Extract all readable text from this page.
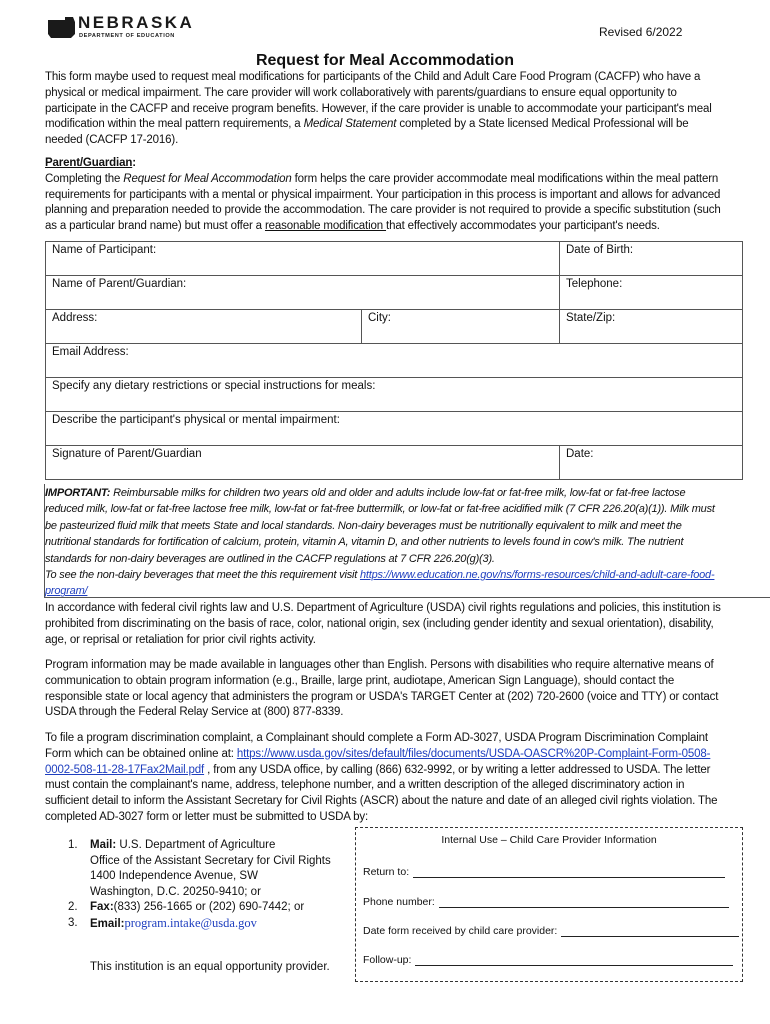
NEBRASKA
DEPARTMENT OF EDUCATION	Revised 6/2022
Request for Meal Accommodation
This form maybe used to request meal modifications for participants of the Child and Adult Care Food Program (CACFP) who have a physical or medical impairment. The care provider will work collaboratively with parents/guardians to ensure equal opportunity to participate in the CACFP and receive program benefits. However, if the care provider is unable to accommodate your participant's meal modification within the meal pattern requirements, a Medical Statement completed by a State licensed Medical Professional will be needed (CACFP 17-2016).
Parent/Guardian:
Completing the Request for Meal Accommodation form helps the care provider accommodate meal modifications within the meal pattern requirements for participants with a mental or physical impairment. Your participation in this process is important and allows for advanced planning and preparation needed to provide the accommodation. The care provider is not required to provide a specific substitution (such as a particular brand name) but must offer a reasonable modification that effectively accommodates your participant's needs.
Name of Participant:		Date of Birth:
Name of Parent/Guardian:		Telephone:
Address:	City:	State/Zip:
Email Address:		
Specify any dietary restrictions or special instructions for meals:		
Describe the participant's physical or mental impairment:		
Signature of Parent/Guardian		Date:
IMPORTANT: Reimbursable milks for children two years old and older and adults include low-fat or fat-free milk, low-fat or fat-free lactose reduced milk, low-fat or fat-free lactose free milk, low-fat or fat-free buttermilk, or low-fat or fat-free acidified milk (7 CFR 226.20(a)(1)). Milk must be pasteurized fluid milk that meets State and local standards. Non-dairy beverages must be nutritionally equivalent to milk and meet the nutritional standards for fortification of calcium, protein, vitamin A, vitamin D, and other nutrients to levels found in cow's milk. The nutrient standards for non-dairy beverages are outlined in the CACFP regulations at 7 CFR 226.20(g)(3).
To see the non-dairy beverages that meet the this requirement visit https://www.education.ne.gov/ns/forms-resources/child-and-adult-care-food-program/
In accordance with federal civil rights law and U.S. Department of Agriculture (USDA) civil rights regulations and policies, this institution is prohibited from discriminating on the basis of race, color, national origin, sex (including gender identity and sexual orientation), disability, age, or reprisal or retaliation for prior civil rights activity.
Program information may be made available in languages other than English. Persons with disabilities who require alternative means of communication to obtain program information (e.g., Braille, large print, audiotape, American Sign Language), should contact the responsible state or local agency that administers the program or USDA's TARGET Center at (202) 720-2600 (voice and TTY) or contact USDA through the Federal Relay Service at (800) 877-8339.
To file a program discrimination complaint, a Complainant should complete a Form AD-3027, USDA Program Discrimination Complaint Form which can be obtained online at: https://www.usda.gov/sites/default/files/documents/USDA-OASCR%20P-Complaint-Form-0508-0002-508-11-28-17Fax2Mail.pdf , from any USDA office, by calling (866) 632-9992, or by writing a letter addressed to USDA. The letter must contain the complainant's name, address, telephone number, and a written description of the alleged discriminatory action in sufficient detail to inform the Assistant Secretary for Civil Rights (ASCR) about the nature and date of an alleged civil rights violation. The completed AD-3027 form or letter must be submitted to USDA by:
1. Mail: U.S. Department of Agriculture
Office of the Assistant Secretary for Civil Rights
1400 Independence Avenue, SW
Washington, D.C. 20250-9410; or
2. Fax:(833) 256-1665 or (202) 690-7442; or
3. Email:program.intake@usda.gov
This institution is an equal opportunity provider.
Internal Use – Child Care Provider Information
Return to:
Phone number:
Date form received by child care provider:
Follow-up:
